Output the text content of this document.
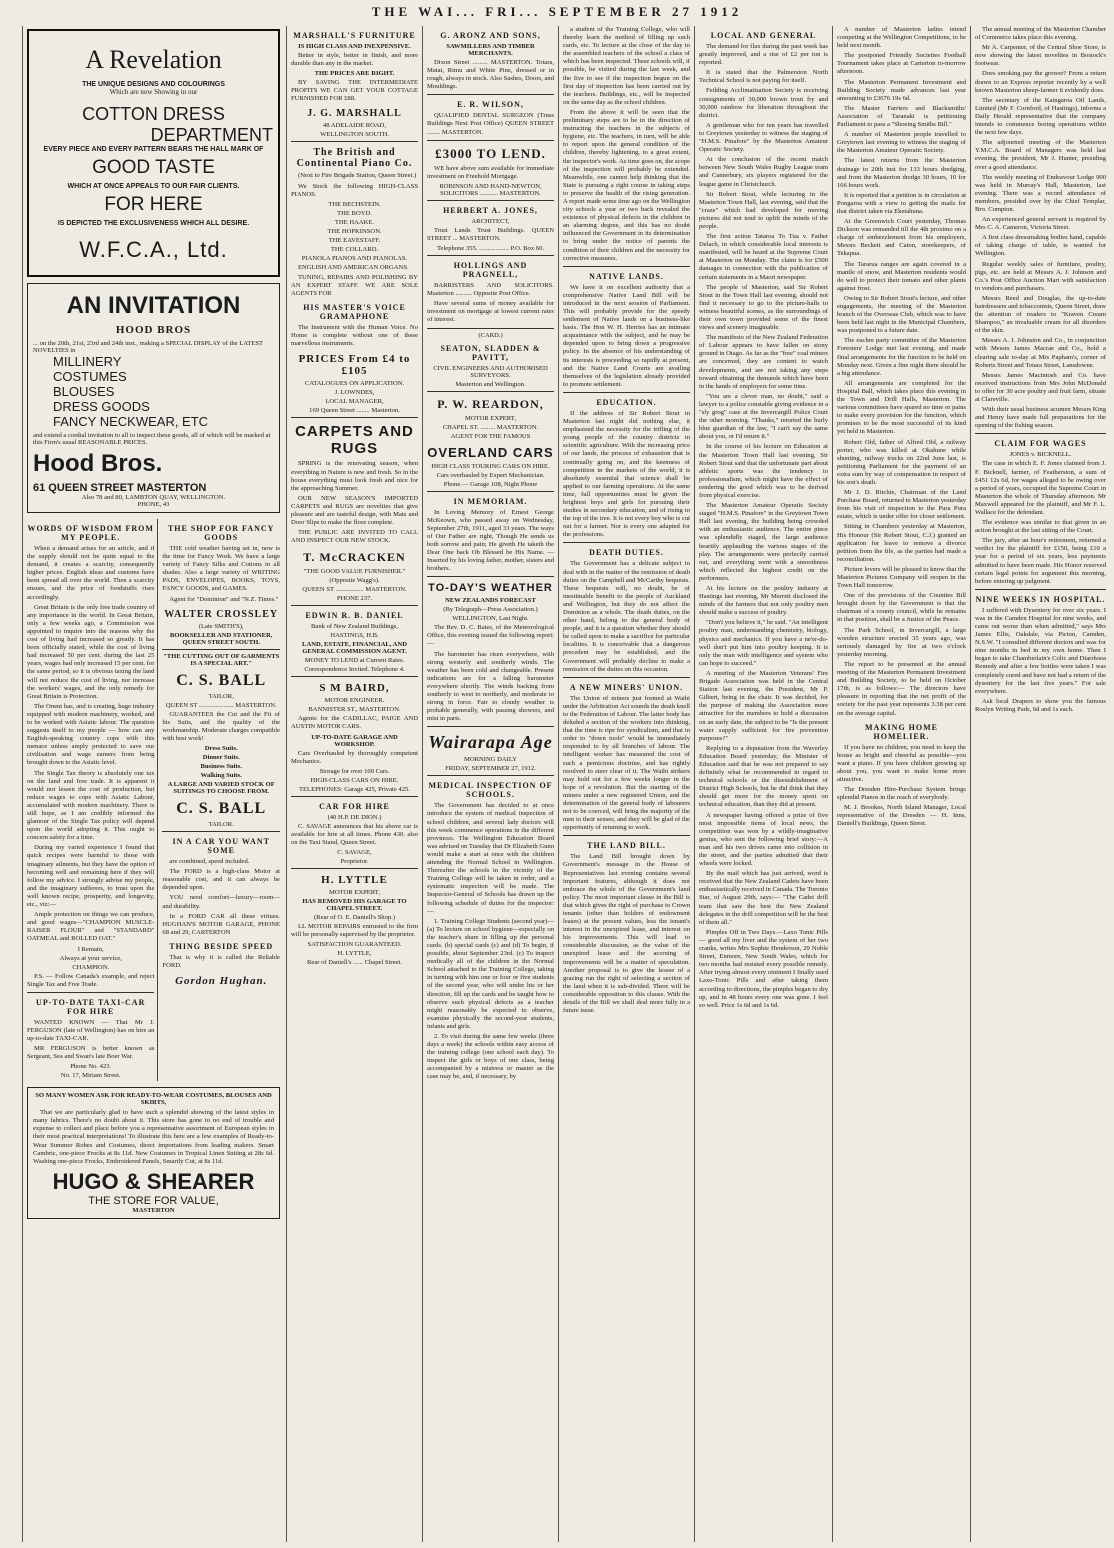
THE WAI... FRI... SEPTEMBER 27 1912
A Revelation
THE UNIQUE DESIGNS AND COLOURINGS
Which are now Showing in our
COTTON DRESS
DEPARTMENT
EVERY PIECE AND EVERY PATTERN BEARS THE HALL MARK OF
GOOD TASTE
WHICH AT ONCE APPEALS TO OUR FAIR CLIENTS.
FOR HERE
IS DEPICTED THE EXCLUSIVENESS WHICH ALL DESIRE.
W.F.C.A., Ltd.
AN INVITATION
HOOD BROS
... on the 20th, 21st, 23rd and 24th inst., making a SPECIAL DISPLAY of the LATEST NOVELTIES in
MILLINERY
COSTUMES
BLOUSES
DRESS GOODS
FANCY NECKWEAR, ETC
and extend a cordial invitation to all to inspect these goods, all of which will be marked at this Firm's usual REASONABLE PRICES.
Hood Bros.
61 QUEEN STREET MASTERTON
Also 78 and 80, LAMBTON QUAY, WELLINGTON.
PHONE, 43
WORDS OF WISDOM FROM MY PEOPLE.

When a demand arises for an article, and if the supply should not be quite equal to the demand, it creates a scarcity, consequently higher prices. English ideas and customs have been spread all over the world. Then a scarcity ensues, and the price of foodstuffs rises accordingly.

Great Britain is the only free trade country of any importance in the world. In Great Britain, only a few weeks ago, a Commission was appointed to inquire into the reasons why the cost of living had increased so greatly. It has been officially stated, while the cost of living had increased 50 per cent. during the last 25 years, wages had only increased 15 per cent. for the same period, so it is obvious taxing the land will not reduce the cost of living, nor increase the workers' wages, and the only remedy for Great Britain is Protection.

The Onent has, and is creating, huge industry equipped with modern machinery, worked, and to be worked with Asiatic labour. The question suggests itself to my people — how can any English-speaking country cope with this menace unless amply protected to save our civilisation and wage earners from being brought down to the Asiatic level.

The Single Tax theory is absolutely one tax on the land and free trade. It is apparent it would not lessen the cost of production, but reduce wages to cope with Asiatic Labour, accumulated with modern machinery. There is still hope, as I am credibly informed the glamour of the Single Tax policy will depend upon the world adopting it. This ought to concern safety for a time.

During my varied experience I found that quick recipes were harmful to those with imaginary ailments, but they have the option of becoming well and remaining here if they will follow my advice. I strongly advise my people, and the imaginary sufferers, to trust upon the well known recipe, prosperity, and longevity, etc., viz:—

Ample protection on things we can produce, and good wages—"CHAMPION MUSCLE-RAISER FLOUR" and "STANDARD" OATMEAL and ROLLED OAT."

I Remain,
Always at your service,
CHAMPION.

P.S. — Follow Canada's example, and reject Single Tax and Free Trade.

UP-TO-DATE TAXI-CAR FOR HIRE

WANTED KNOWN — That Mr J. FERGUSON (late of Wellington) has on hire an up-to-date TAXI-CAR.

MR FERGUSON is better known as Sergeant, Sea and Swan's late Boer War.

Phone No. 423.
No. 17, Miriam Street.
THE SHOP FOR FANCY GOODS

THE cold weather having set in, now is the time for Fancy Work. We have a large variety of Fancy Silks and Cottons in all shades. Also a large variety of WRITING PADS, ENVELOPES, BOOKS, TOYS, FANCY GOODS, and GAMES.

Agent for "Dominion" and "N.Z. Times."

WALTER CROSSLEY
(Late SMITH'S),
BOOKSELLER AND STATIONER, QUEEN STREET SOUTH.
"THE CUTTING OUT OF GARMENTS IS A SPECIAL ART."
C. S. BALL
TAILOR,
QUEEN ST ..................... MASTERTON.

GUARANTEES the Cut and the Fit of his Suits, and the quality of the workmanship. Moderate charges compatible with best work!

Dress Suits.
Dinner Suits.
Business Suits.
Walking Suits.
A LARGE AND VARIED STOCK OF SUITINGS TO CHOOSE FROM.
C. S. BALL
TAILOR.
IN A CAR YOU WANT SOME

are combined, speed included.

The FORD is a high-class Motor at reasonable cost, and it can always be depended upon.

YOU need comfort—luxury—room—and durability.

In a FORD CAR all these virtues. HUGHAN'S MOTOR GARAGE, PHONE 68 and 29, CARTERTON

THING BESIDE SPEED

That is why it is called the Reliable FORD.

Gordon Hughan.
SO MANY WOMEN ASK FOR READY-TO-WEAR COSTUMES, BLOUSES AND SKIRTS,

That we are particularly glad to have such a splendid showing of the latest styles in many fabrics. There's no doubt about it. This store has gone to no end of trouble and expense to collect and place before you a representative assortment of European styles in their most practical interpretations! To illustrate this here are a few examples of Ready-to-Wear Summer Robes and Costumes, direct importations from leading makers. Smart Cambric, one-piece Frocks at 8s 11d. New Costumes in Tropical Linen Suiting at 28s 6d. Washing one-piece Frocks, Embroidered Panels, Smartly Cut, at 8s 11d.

HUGO & SHEARER
THE STORE FOR VALUE,
MASTERTON
MARSHALL'S FURNITURE
IS HIGH CLASS AND INEXPENSIVE.

Better in style, better in finish, and more durable than any in the market.

THE PRICES ARE RIGHT.

BY SAVING THE INTERMEDIATE PROFITS WE CAN GET YOUR COTTAGE FURNISHED FOR £88.

J. G. MARSHALL
48 ADELAIDE ROAD,
WELLINGTON SOUTH.
The British and Continental Piano Co.

(Next to Fire Brigade Station, Queen Street.)

We Stock the following HIGH-CLASS PIANOS.

THE BECHSTEIN.
THE BOYD.
THE HAAKE.
THE HOPKINSON.
THE EAVESTAFF.
THE COLLARD.
PIANOLA PIANOS AND PIANOLAS.

ENGLISH AND AMERICAN ORGANS.

TUNING, REPAIRS AND POLISHING BY AN EXPERT STAFF. WE ARE SOLE AGENTS FOR

HIS MASTER'S VOICE GRAMAPHONE

The Instrument with the Human Voice. No Home is complete without one of these marvellous instruments.

PRICES From £4 to £105
CATALOGUES ON APPLICATION.
J. LOWNDES,
LOCAL MANAGER,
169 Queen Street ........ Masterton.
CARPETS AND RUGS

SPRING is the renovating season, when everything in Nature is new and fresh. So in the house everything must look fresh and nice for the approaching Summer.

OUR NEW SEASON'S IMPORTED CARPETS and RUGS are novelties that give pleasure and are tasteful design, with Mats and Door Slips to make the floor complete.

THE PUBLIC ARE INVITED TO CALL AND INSPECT OUR NEW STOCK.

T. McCRACKEN
"THE GOOD VALUE FURNISHER."
(Opposite Wagg's).
QUEEN ST ................. MASTERTON.
PHONE 237.
EDWIN R. B. DANIEL
Bank of New Zealand Buildings,
HASTINGS, H.B.
LAND, ESTATE, FINANCIAL, AND GENERAL COMMISSION AGENT.
MONEY TO LEND at Current Rates.
Correspondence Invited. Telephone 4.
S M BAIRD,
MOTOR ENGINEER.
BANNISTER ST., MASTERTON.

Agents for the CADILLAC, PAIGE AND AUSTIN MOTOR CARS.

UP-TO-DATE GARAGE AND WORKSHOP.

Cars Overhauled by thoroughly competent Mechanics.

Storage for over 100 Cars.
HIGH-CLASS CARS ON HIRE.
TELEPHONES: Garage 425, Private 425.
CAR FOR HIRE
(40 H.P. DE DION.)

C. SAVAGE announces that his above car is available for hire at all times. Phone 430. also on the Taxi Stand, Queen Street.

C. SAVAGE,
Proprietor.
H. LYTTLE
MOTOR EXPERT,
HAS REMOVED HIS GARAGE TO CHAPEL STREET.
(Rear of O. E. Daniell's Shop.)

LL MOTOR REPAIRS entrusted to the firm will be personally supervised by the proprietor.

SATISFACTION GUARANTEED.
H. LYTTLE,
Rear of Daniell's ...... Chapel Street.
G. ARONZ AND SONS,
SAWMILLERS AND TIMBER MERCHANTS.

Dixon Street ......... MASTERTON. Totara, Matai, Rimu and White Pine, dressed or in rough, always in stock. Also Sashes, Doors, and Mouldings.

E. R. WILSON,

QUALIFIED DENTAL SURGEON (Truss Buildings Next Post Office) QUEEN STREET ........ MASTERTON.

£3000 TO LEND.

WE have above sum available for immediate investment on Freehold Mortgage.

ROBINSON AND HAND-NEWTON, SOLICITORS ........... MASTERTON.
HERBERT A. JONES,
ARCHITECT,

Trust Lands Trust Buildings. QUEEN STREET ... MASTERTON.

Telephone 355. .................. P.O. Box 60.
HOLLINGS AND PRAGNELL,

BARRISTERS AND SOLICITORS. Masterton .......... Opposite Post Office.

Have several sums of money available for investment on mortgage at lowest current rates of interest.

(CARD.)
SEATON, SLADDEN & PAVITT,
CIVIL ENGINEERS AND AUTHORISED SURVEYORS.
Masterton and Wellington.
P. W. REARDON,
MOTOR EXPERT,
CHAPEL ST. ......... MASTERTON.
AGENT FOR THE FAMOUS
OVERLAND CARS
HIGH CLASS TOURING CARS ON HIRE.
Cars overhauled by Expert Mechanician.
Phone.— Garage 108, Night Phone
IN MEMORIAM.

In Loving Memory of Ernest George McKeown, who passed away on Wednesday, September 27th, 1911, aged 33 years. The ways of Our Father are right, Though He sends us both sorrow and pain; He giveth He taketh the Dear One back Oh Blessed be His Name. — Inserted by his loving father, mother, sisters and brothers.

TO-DAY'S WEATHER
NEW ZEALANDS FORECAST
(By Telegraph—Press Association.)
WELLINGTON, Last Night.

The Rev. D. C. Bates, of the Meteorological Office, this evening issued the following report:—

The barometer has risen everywhere, with strong westerly and southerly winds. The weather has been cold and changeable. Present indications are for a falling barometer everywhere shortly. The winds backing from southerly to west to northerly, and moderate to strong in force. Fair to cloudy weather is probable generally, with passing showers, and mist in parts.

Wairarapa Age
MORNING DAILY
FRIDAY, SEPTEMBER 27, 1912.
MEDICAL INSPECTION OF SCHOOLS.

The Government has decided to at once introduce the system of medical inspection of school children, and several lady doctors will this week commence operations in the different provinces. The Wellington Education Board was advised on Tuesday that Dr Elizabeth Gunn would make a start at once with the children attending the Normal School in Wellington. Thereafter the schools in the vicinity of the Training College will be taken in order, and a systematic inspection will be made. The Inspector-General of Schools has drawn up the following schedule of duties for the inspector:—

1. Training College Students (second year)—(a) To lecture on school hygiene—especially on the teacher's share in filling up the personal cards. (b) special cards (c) and (d) To begin, if possible, about September 23rd. (c) To inspect medically all of the children in the Normal School attached to the Training College, taking in turning with him one or four or five students of the second year, who will under his or her direction, fill up the cards and be taught how to observe such physical defects as a teacher might reasonably be expected to observe, examine physically the second-year students, infants and girls.

2. To visit during the same few weeks (three days a week) the schools within easy access of the training college (one school each day). To inspect the girls or boys of one class, being accompanied by a mistress or master as the case may be, and, if necessary, by

a student of the Training College, who will thereby learn the method of filling up such cards, etc. To lecture at the close of the day to the assembled teachers of the school a class of which has been inspected. These schools will, if possible, be visited during the last week, and the five to see if the inspection begun on the first day of inspection has been carried out by the teachers. Buildings, etc., will be inspected on the same day as the school children.

From the above it will be seen that the preliminary steps are to be in the direction of instructing the teachers in the subjects of hygiene, etc. The teachers, in turn, will be able to report upon the general condition of the children, thereby lightening, to a great extent, the inspector's work. As time goes on, the scope of the inspection will probably be extended. Meanwhile, one cannot help thinking that the State is pursuing a right course in taking steps to preserve the health of the rising generation. A report made some time ago on the Wellington city schools a year or two back revealed the existence of physical defects in the children in an alarming degree, and this has no doubt influenced the Government in its determination to bring under the notice of parents the condition of their children and the necessity for corrective measures.

NATIVE LANDS.

We have it on excellent authority that a comprehensive Native Land Bill will be introduced in the next session of Parliament. This will probably provide for the speedy settlement of Native lands on a business-like basis. The Hon W. H. Herries has an intimate acquaintance with the subject, and he may be depended upon to bring down a progressive policy. In the absence of his understanding of its interests is proceeding so rapidly at present, and the Native Land Courts are availing themselves of the legislation already provided to promote settlement.

EDUCATION.

If the address of Sir Robert Stout in Masterton last night did nothing else, it emphasised the necessity for the trifling of the young people of the country districts in scientific agriculture. With the increasing price of our lands, the process of exhaustion that is continually going on, and the keenness of competition in the markets of the world, it is absolutely essential that science shall be applied to our farming operations. At the same time, full opportunities must be given the brightest boys and girls for pursuing their studies in secondary education, and of rising to the top of the tree. It is not every boy who is cut out for a farmer. Nor is every one adapted for the professions.

DEATH DUTIES.

The Government has a delicate subject to deal with in the matter of the remission of death duties on the Campbell and McCarthy bequests. These bequests will, no doubt, be of inestimable benefit to the people of Auckland and Wellington, but they do not affect the Dominion as a whole. The death duties, on the other hand, belong to the general body of people, and it is a question whether they should be called upon to make a sacrifice for particular localities. It is conceivable that a dangerous precedent may be established, and the Government will probably decline to make a remission of the duties on this occasion.

A NEW MINERS' UNION.

The Union of miners just formed at Waihi under the Arbitration Act sounds the death knell to the Federation of Labour. The latter body has deluded a section of the workers into thinking, that the time is ripe for syndicalism, and that in order to "down tools" would be immediately responded to by all branches of labour. The intelligent worker has measured the cost of such a pernicious doctrine, and has rightly resolved to steer clear of it. The Waihi strikers may hold out for a few weeks longer in the hope of a revolution. But the starting of the miners under a new registered Union, and the determination of the general body of labourers not to be coerced, will bring the majority of the men to their senses, and they will be glad of the opportunity of returning to work.

THE LAND BILL.

The Land Bill brought down by Government's message in the House of Representatives last evening contains several important features, although it does not embrace the whole of the Government's land policy. The most important clause in the Bill is that which gives the right of purchase to Crown tenants (other than holders of endowment leases) at the present values, less the tenant's interest in the unexpired lease, and interest on his improvements. This will lead to considerable discussion, as the value of the unexpired lease and the accruing of improvements will be a matter of speculation. Another proposal is to give the lessee of a grazing run the right of selecting a section of the land when it is sub-divided. There will be considerable opposition to this clause. With the details of the Bill we shall deal more fully in a future issue.

LOCAL AND GENERAL

The demand for flax during the past week has greatly improved, and a rise of £2 per ton is reported.

It is stated that the Palmerston North Technical School is not paying for itself.

Feilding Acclimatisation Society is receiving consignments of 30,000 brown trout fry and 30,000 rainbow for liberation throughout the district.

A gentleman who for ten years has travelled to Greytown yesterday to witness the staging of "H.M.S. Pinafore" by the Masterton Amateur Operatic Society.

At the conclusion of the recent match between New South Wales Rugby League team and Canterbury, six players registered for the league game in Christchurch.

Sir Robert Stout, while lecturing in the Masterton Town Hall, last evening, said that the "craze" which had developed for moving pictures did not tend to uplift the minds of the people.

The first action Tataroa To Tua v. Father Delach, in which considerable local interests is manifested, will be heard at the Supreme Court at Masterton on Monday. The claim is for £500 damages in connection with the publication of certain statements in a Maori newspaper.

The people of Masterton, said Sir Robert Stout in the Town Hall last evening, should not find it necessary to go to the picture-halls to witness beautiful scenes, as the surroundings of their own town provided some of the finest views and scenery imaginable.

The manifesto of the New Zealand Federation of Labour appears to have fallen on stony ground in Otago. As far as the "free" coal miners are concerned, they are content to watch developments, and are not taking any steps toward obtaining the demands which have been in the hands of employers for some time.

"You are a clever man, no doubt," said a lawyer to a police constable giving evidence in a "sly grog" case at the Invercargill Police Court the other morning. "Thanks," retorted the burly blue guardian of the law, "I can't say the same about you, or I'd return it."

In the course of his lecture on Education at the Masterton Town Hall last evening, Sir Robert Stout said that the unfortunate part about athletic sports was the tendency to professionalism, which might have the effect of rendering the good which was to be derived from physical exercise.

The Masterton Amateur Operatic Society staged "H.M.S. Pinafore" in the Greytown Town Hall last evening, the building being crowded with an enthusiastic audience. The entire piece was splendidly staged, the large audience heartily applauding the various stages of the play. The arrangements were perfectly carried out, and everything went with a smoothness which reflected the highest credit on the performers.

At his lecture on the poultry industry at Hastings last evening, Mr Merrett disclosed the minds of the farmers that not only poultry men should make a success of poultry.

"Don't you believe it," he said. "An intelligent poultry man, understanding chemistry, biology, physics and mechanics. If you have a ne'er-do-well don't put him into poultry keeping. It is only the man with intelligence and system who can hope to succeed."

A meeting of the Masterton Veterans' Fire Brigade Association was held in the Central Station last evening, the President, Mr P. Gilbert, being in the chair. It was decided, for the purpose of making the Association more attractive for the members to hold a discussion on an early date, the subject to be "Is the present water supply sufficient for fire prevention purposes?"

Replying to a deputation from the Waverley Education Board yesterday, the Minister of Education said that he was not prepared to say definitely what he recommended in regard to technical schools or the disestablishment of District High Schools, but he did think that they should get more for the money spent on technical education, than they did at present.

A newspaper having offered a prize of five most impossible items of local news, the competition was won by a wildly-imaginative genius, who sent the following brief story:—A man and his two drives came into collision in the street, and the parties admitted that their wheels were locked.

By the mail which has just arrived, word is received that the New Zealand Cadets have been enthusiastically received in Canada. The Toronto Star, of August 29th, says:— "The Cadet drill team that saw the best the New Zealand delegates in the drill competition will be the best of them all."

Pimples Off in Two Days.—Laxo Tonic Pills — good all my liver and the system of her two cranks, writes Mrs Sophie Henderson, 29 Noble Street, Enmore, New South Wales, which for two months had resisted every possible remedy. After trying almost every ointment I finally used Laxo-Tonic Pills and after taking them according to directions, the pimples began to dry up, and in 48 hours every one was gone. I feel so well. Price 1s 6d and 1s 6d.

A number of Masterton ladies intend competing at the Wellington Competitions, to be held next month.

The postponed Friendly Societies Football Tournament takes place at Carterton to-morrow afternoon.

The Masterton Permanent Investment and Building Society made advances last year amounting to £3676 19s 6d.

The Master Farriers and Blacksmiths' Association of Taranaki is petitioning Parliament to pass a "Shoeing Smiths Bill."

A number of Masterton people travelled to Greytown last evening to witness the staging of the Masterton Amateur Operatic Society.

The latest returns from the Masterton drainage to 20th inst for 133 hours dredging, and from the Masterton dredge 30 hours, 10 for 166 hours work.

It is reported that a petition is in circulation at Pongaroa with a view to getting the mails for that district taken via Eketahuna.

At the Greenwich Court yesterday, Thomas Dickson was remanded till the 4th proximo on a charge of embezzlement from his employers, Messrs Beckett and Caton, storekeepers, of Tekapua.

The Tararua ranges are again covered in a mantle of snow, and Masterton residents would do well to protect their tomato and other plants against frost.

Owing to Sir Robert Stout's lecture, and other engagements, the meeting of the Masterton branch of the Overseas Club, which was to have been held last night in the Municipal Chambers, was postponed to a future date.

The euchre party committee of the Masterton Foresters' Lodge met last evening, and made final arrangements for the function to be held on Monday next. Given a fine night there should be a big attendance.

All arrangements are completed for the Hospital Ball, which takes place this evening in the Town and Drill Halls, Masterton. The various committees have spared no time or pains to make every provision for the function, which promises to be the most successful of its kind yet held in Masterton.

Robert Old, father of Alfred Old, a railway porter, who was killed at Okahune while shunting, railway trucks on 22nd June last, is petitioning Parliament for the payment of an extra sum by way of compensation in respect of his son's death.

Mr J. D. Ritchie, Chairman of the Land Purchase Board, returned to Masterton yesterday from his visit of inspection to the Pura Pura estate, which is under offer for closer settlement.

Sitting in Chambers yesterday at Masterton, His Honour (Sir Robert Stout, C.J.) granted an application for leave to remove a divorce petition from the file, as the parties had made a reconciliation.

Picture lovers will be pleased to know that the Masterton Pictures Company will reopen in the Town Hall tomorrow.

One of the provisions of the Counties Bill brought down by the Government is that the chairman of a county council, while he remains in that position, shall be a Justice of the Peace.

The Park School, in Invercargill, a large wooden structure erected 35 years ago, was seriously damaged by fire at two o'clock yesterday morning.

The report to be presented at the annual meeting of the Masterton Permanent Investment and Building Society, to be held on October 17th, is as follows:— The directors have pleasure in reporting that the net profit of the society for the past year represents 3.38 per cent on the average capital.

MAKING HOME HOMELIER.

If you have no children, you need to keep the house as bright and cheerful as possible—you want a piano. If you have children growing up about you, you want to make home more attractive.

The Dresden Hire-Purchase System brings splendid Pianos in the reach of everybody.

M. J. Brookes, North Island Manager, Local representative of the Dresden — H. Inns, Daniell's Buildings, Queen Street.

The annual meeting of the Masterton Chamber of Commerce takes place this evening.

Mr A. Carpenter, of the Central Shoe Store, is now showing the latest novelties in Bostock's footwear.

Does smoking pay the grower? From a return drawn to an Express reporter recently by a well known Masterton sheep-farmer it evidently does.

The secretary of the Kaingaroa Oil Lands, Limited (Mr F. Cornford, of Hastings), informs a Daily Herald representative that the company intends to commence boring operations within the next few days.

The adjourned meeting of the Masterton Y.M.C.A. Board of Managers was held last evening, the president, Mr J. Hunter, presiding over a good attendance.

The weekly meeting of Endeavour Lodge 900 was held in Murray's Hall, Masterton, last evening. There was a record attendance of members, presided over by the Chief Templar, Bro. Compton.

An experienced general servant is required by Mrs C. A. Cameron, Victoria Street.

A first class dressmaking bodies hand, capable of taking charge of table, is wanted for Wellington.

Regular weekly sales of furniture, poultry, pigs, etc. are held at Messrs A. J. Johnson and Co.'s Post Office Auction Mart with satisfaction to vendors and purchasers.

Messrs Reed and Douglas, the up-to-date hairdressers and tobacconists, Queen Street, draw the attention of readers to "Kraven Cream Shampoo," an invaluable cream for all disorders of the skin.

Messrs A. J. Johnston and Co., in conjunction with Messrs James Macrae and Co., hold a clearing sale to-day at Mrs Papham's, corner of Roberts Street and Totara Street, Lansdowne.

Messrs James Macintosh and Co. have received instructions from Mrs John McDonald to offer for 30 acre poultry and fruit farm, situate at Clareville.

With their usual business acumen Messrs King and Henry have made full preparations for the opening of the fishing season.

CLAIM FOR WAGES
JONES v. BICKNELL.

The case in which E. F. Jones claimed from J. F. Bicknell, farmer, of Featherston, a sum of £451 12s 6d, for wages alleged to be owing over a period of years, occupied the Supreme Court in Masterton the whole of Thursday afternoon. Mr Maxwell appeared for the plaintiff, and Mr F. L. Wallace for the defendant.

The evidence was similar to that given in an action brought at the last sitting of the Court.

The jury, after an hour's retirement, returned a verdict for the plaintiff for £150, being £10 a year for a period of six years, less payments admitted to have been made. His Honor reserved certain legal points for argument this morning, before entering up judgment.

NINE WEEKS IN HOSPITAL.

I suffered with Dysentery for over six years. I was in the Camden Hospital for nine weeks, and came out worse than when admitted," says Mrs James Ellis, Oakdale, via Picton, Camden, N.S.W. "I consulted different doctors and was for nine months in bed in my own home. Then I began to take Chamberlain's Colic and Diarrhoea Remedy and after a few bottles were taken I was completely cured and have not had a return of the dysentery for the last five years." For sale everywhere.

Ask local Drapers to show you the famous Roslyn Writing Pads, 6d and 1s each.
